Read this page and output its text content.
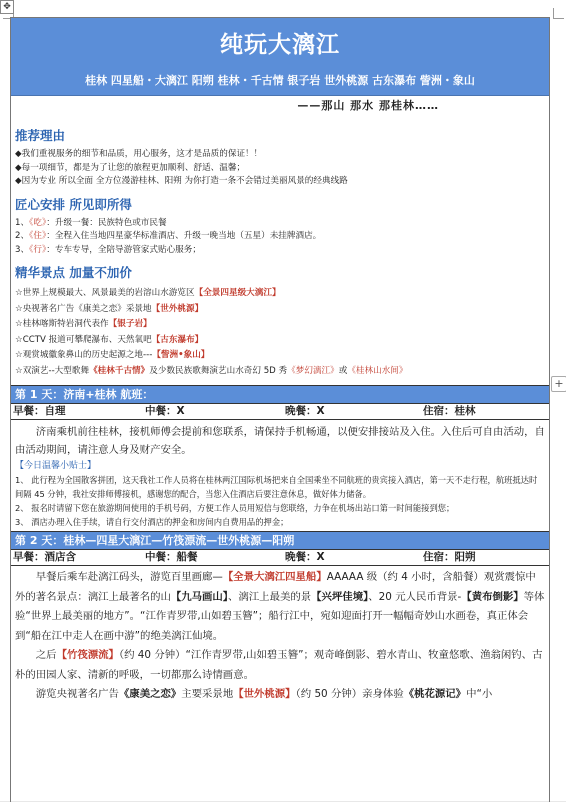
✥
+
纯玩大漓江
桂林 四星船・大漓江 阳朔 桂林・千古情 银子岩 世外桃源 古东瀑布 訾洲・象山
——那山 那水 那桂林……
推荐理由
◆我们重视服务的细节和品质，用心服务，这才是品质的保证！！
◆每一项细节，都是为了让您的旅程更加顺利、舒适、温馨；
◆因为专业 所以全面 全方位漫游桂林、阳朔 为你打造一条不会错过美丽风景的经典线路
匠心安排 所见即所得
1、《吃》：升级一餐：民族特色或市民餐
2、《住》：全程入住当地四星豪华标准酒店、升级一晚当地（五星）未挂牌酒店。
3、《行》：专车专导，全陪导游管家式贴心服务；
精华景点 加量不加价
☆世界上规模最大、风景最美的岩溶山水游览区【全景四星级大漓江】
☆央视著名广告《康美之恋》采景地【世外桃源】
☆桂林喀斯特岩洞代表作【银子岩】
☆CCTV 报道可攀爬瀑布、天然氧吧【古东瀑布】
☆观赏城徽象鼻山的历史起源之地---【訾洲•象山】
☆双演艺--大型歌舞《桂林千古情》及少数民族歌舞演艺山水奇幻 5D 秀《梦幻漓江》或《桂林山水间》
第 1 天：济南+桂林 航班：
早餐：自理	中餐：X	晚餐：X	住宿：桂林

济南乘机前往桂林，接机师傅会提前和您联系，请保持手机畅通，以便安排接站及入住。入住后可自由活动，自由活动期间，请注意人身及财产安全。

【今日温馨小贴士】

1、 此行程为全国散客拼团，这天我社工作人员将在桂林两江国际机场把来自全国乘坐不同航班的贵宾接入酒店，第一天不走行程，航班抵达时间隔 45 分钟，我社安排师傅接机，感谢您的配合，当您入住酒店后要注意休息，做好体力储备。

2、 报名时请留下您在旅游期间使用的手机号码，方便工作人员用短信与您联络，力争在机场出站口第一时间能接到您；

3、 酒店办理入住手续，请自行交付酒店的押金和房间内自费用品的押金；

第 2 天：桂林—四星大漓江—竹筏漂流—世外桃源—阳朔
早餐：酒店含	中餐：船餐	晚餐：X	住宿：阳朔

早餐后乘车赴漓江码头，游览百里画廊—【全景大漓江四星船】AAAAA 级（约 4 小时，含船餐）观赏震惊中外的著名景点：漓江上最著名的山【九马画山】、漓江上最美的景【兴坪佳境】、20 元人民币背景-【黄布倒影】等体验“世界上最美丽的地方”。“江作青罗带,山如碧玉簪”；船行江中，宛如迎面打开一幅幅奇妙山水画卷，真正体会到“船在江中走人在画中游”的绝美漓江仙境。

之后【竹筏漂流】（约 40 分钟）“江作青罗带,山如碧玉簪”；观奇峰倒影、碧水青山、牧童悠歌、渔翁闲钓、古朴的田园人家、清新的呼吸，一切都那么诗情画意。

游览央视著名广告《康美之恋》主要采景地【世外桃源】（约 50 分钟）亲身体验《桃花源记》中“小
